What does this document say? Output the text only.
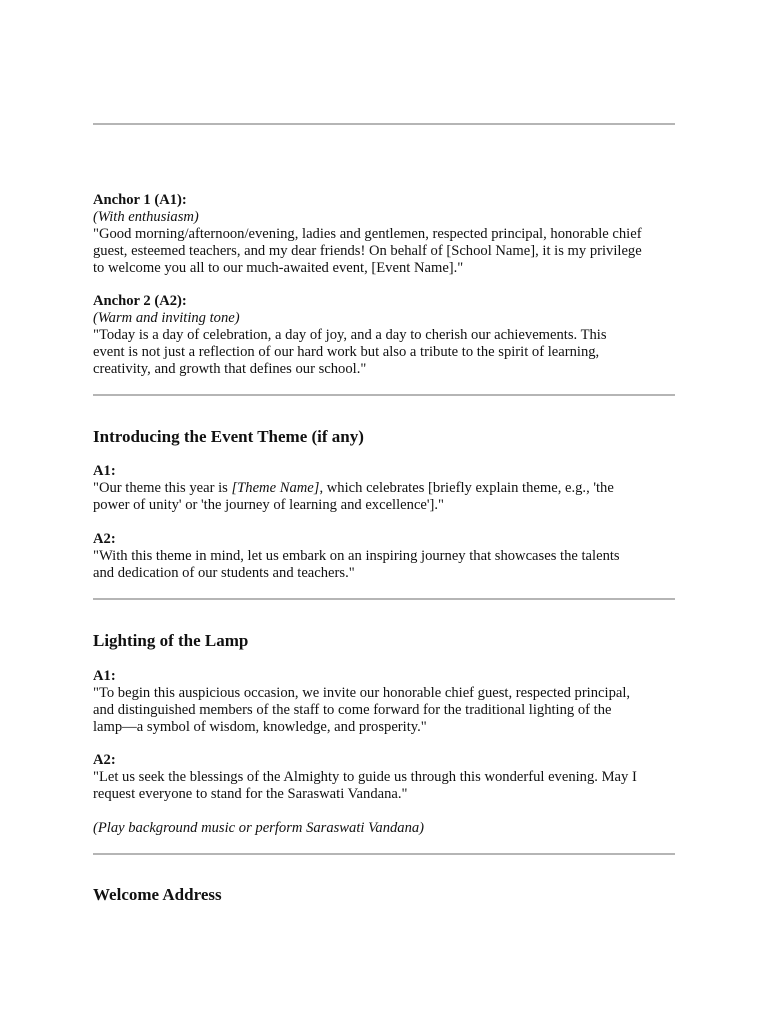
Anchor 1 (A1):
(With enthusiasm)
"Good morning/afternoon/evening, ladies and gentlemen, respected principal, honorable chief
guest, esteemed teachers, and my dear friends! On behalf of [School Name], it is my privilege
to welcome you all to our much-awaited event, [Event Name]."
Anchor 2 (A2):
(Warm and inviting tone)
"Today is a day of celebration, a day of joy, and a day to cherish our achievements. This
event is not just a reflection of our hard work but also a tribute to the spirit of learning,
creativity, and growth that defines our school."
Introducing the Event Theme (if any)
A1:
"Our theme this year is [Theme Name], which celebrates [briefly explain theme, e.g., 'the
power of unity' or 'the journey of learning and excellence']."
A2:
"With this theme in mind, let us embark on an inspiring journey that showcases the talents
and dedication of our students and teachers."
Lighting of the Lamp
A1:
"To begin this auspicious occasion, we invite our honorable chief guest, respected principal,
and distinguished members of the staff to come forward for the traditional lighting of the
lamp—a symbol of wisdom, knowledge, and prosperity."
A2:
"Let us seek the blessings of the Almighty to guide us through this wonderful evening. May I
request everyone to stand for the Saraswati Vandana."
(Play background music or perform Saraswati Vandana)
Welcome Address
